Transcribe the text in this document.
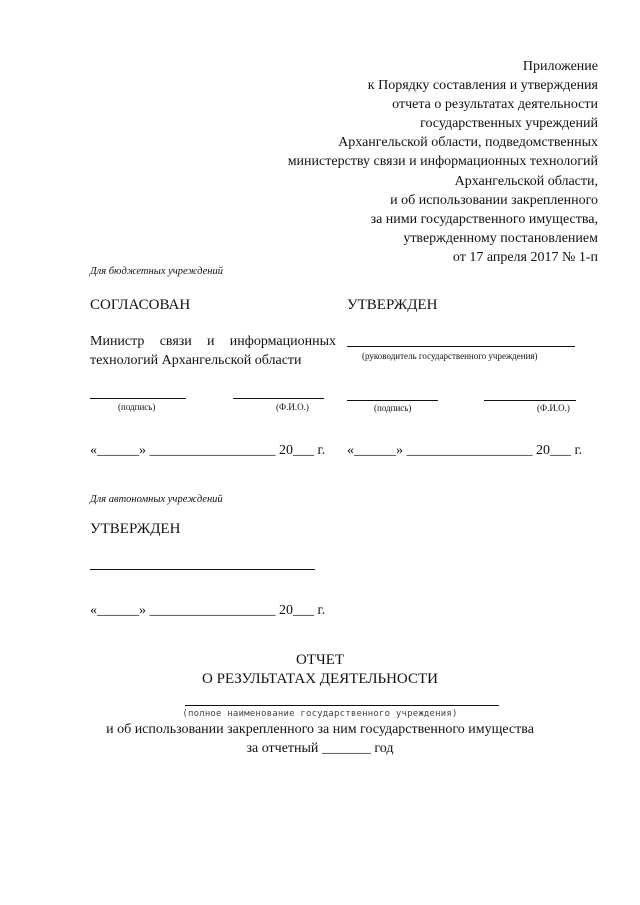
Приложение
к Порядку составления и утверждения
отчета о результатах деятельности
государственных учреждений
Архангельской области, подведомственных
министерству связи и информационных технологий
Архангельской области,
и об использовании закрепленного
за ними государственного имущества,
утвержденному постановлением
от 17 апреля 2017 № 1-п
Для бюджетных учреждений
СОГЛАСОВАН	УТВЕРЖДЕН
Министр связи и информационных
технологий Архангельской области	(руководитель государственного учреждения)
(подпись)	(Ф.И.О.)	(подпись)	(Ф.И.О.)
«______» __________________ 20___ г. «______» __________________ 20___ г.
Для автономных учреждений
УТВЕРЖДЕН
«______» __________________ 20___ г.
ОТЧЕТ
О РЕЗУЛЬТАТАХ ДЕЯТЕЛЬНОСТИ
(полное наименование государственного учреждения)
и об использовании закрепленного за ним государственного имущества
за отчетный _______ год
